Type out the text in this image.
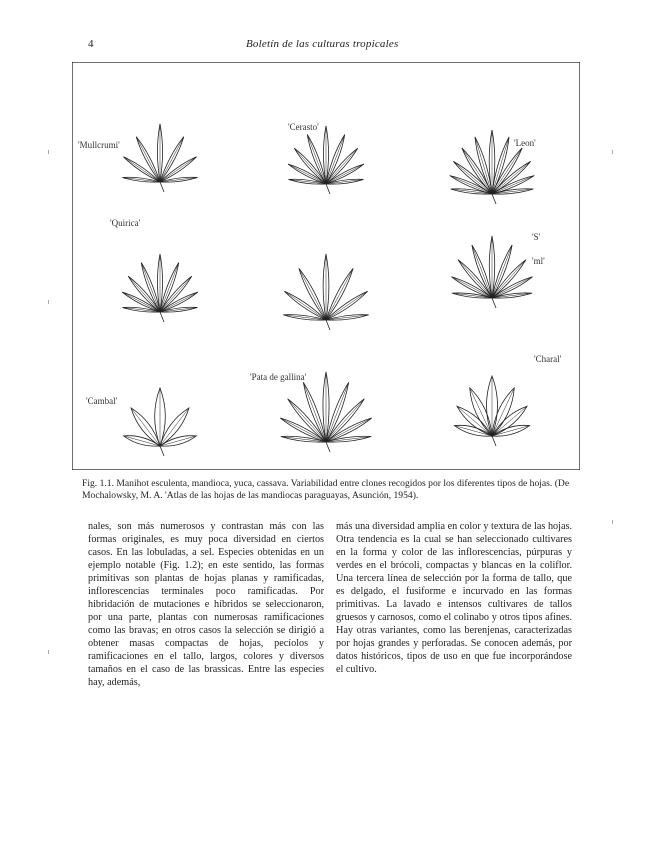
4	Boletín de las culturas tropicales
'Mullcrumi'
'Cerasto'
'Leon'
'Quirica'
'S'
'ml'
'Charal'
'Pata de gallina'
'Cambal'
Fig. 1.1. Manihot esculenta, mandioca, yuca, cassava. Variabilidad entre clones recogidos por los diferentes tipos de hojas. (De Mochalowsky, M. A. 'Atlas de las hojas de las mandiocas paraguayas, Asunción, 1954).

nales, son más numerosos y contrastan más con las formas originales, es muy poca diversidad en ciertos casos. En las lobuladas, a sel. Especies obtenidas en un ejemplo notable (Fig. 1.2); en este sentido, las formas primitivas son plantas de hojas planas y ramificadas, inflorescencias terminales poco ramificadas. Por hibridación de mutaciones e híbridos se seleccionaron, por una parte, plantas con numerosas ramificaciones como las bravas; en otros casos la selección se dirigió a obtener masas compactas de hojas, pecíolos y ramificaciones en el tallo, largos, colores y diversos tamaños en el caso de las brassicas. Entre las especies hay, además,

más una diversidad amplia en color y textura de las hojas. Otra tendencia es la cual se han seleccionado cultivares en la forma y color de las inflorescencias, púrpuras y verdes en el brócoli, compactas y blancas en la coliflor. Una tercera línea de selección por la forma de tallo, que es delgado, el fusiforme e incurvado en las formas primitivas. La lavado e intensos cultivares de tallos gruesos y carnosos, como el colinabo y otros tipos afines. Hay otras variantes, como las berenjenas, caracterizadas por hojas grandes y perforadas. Se conocen además, por datos históricos, tipos de uso en que fue incorporándose el cultivo.
